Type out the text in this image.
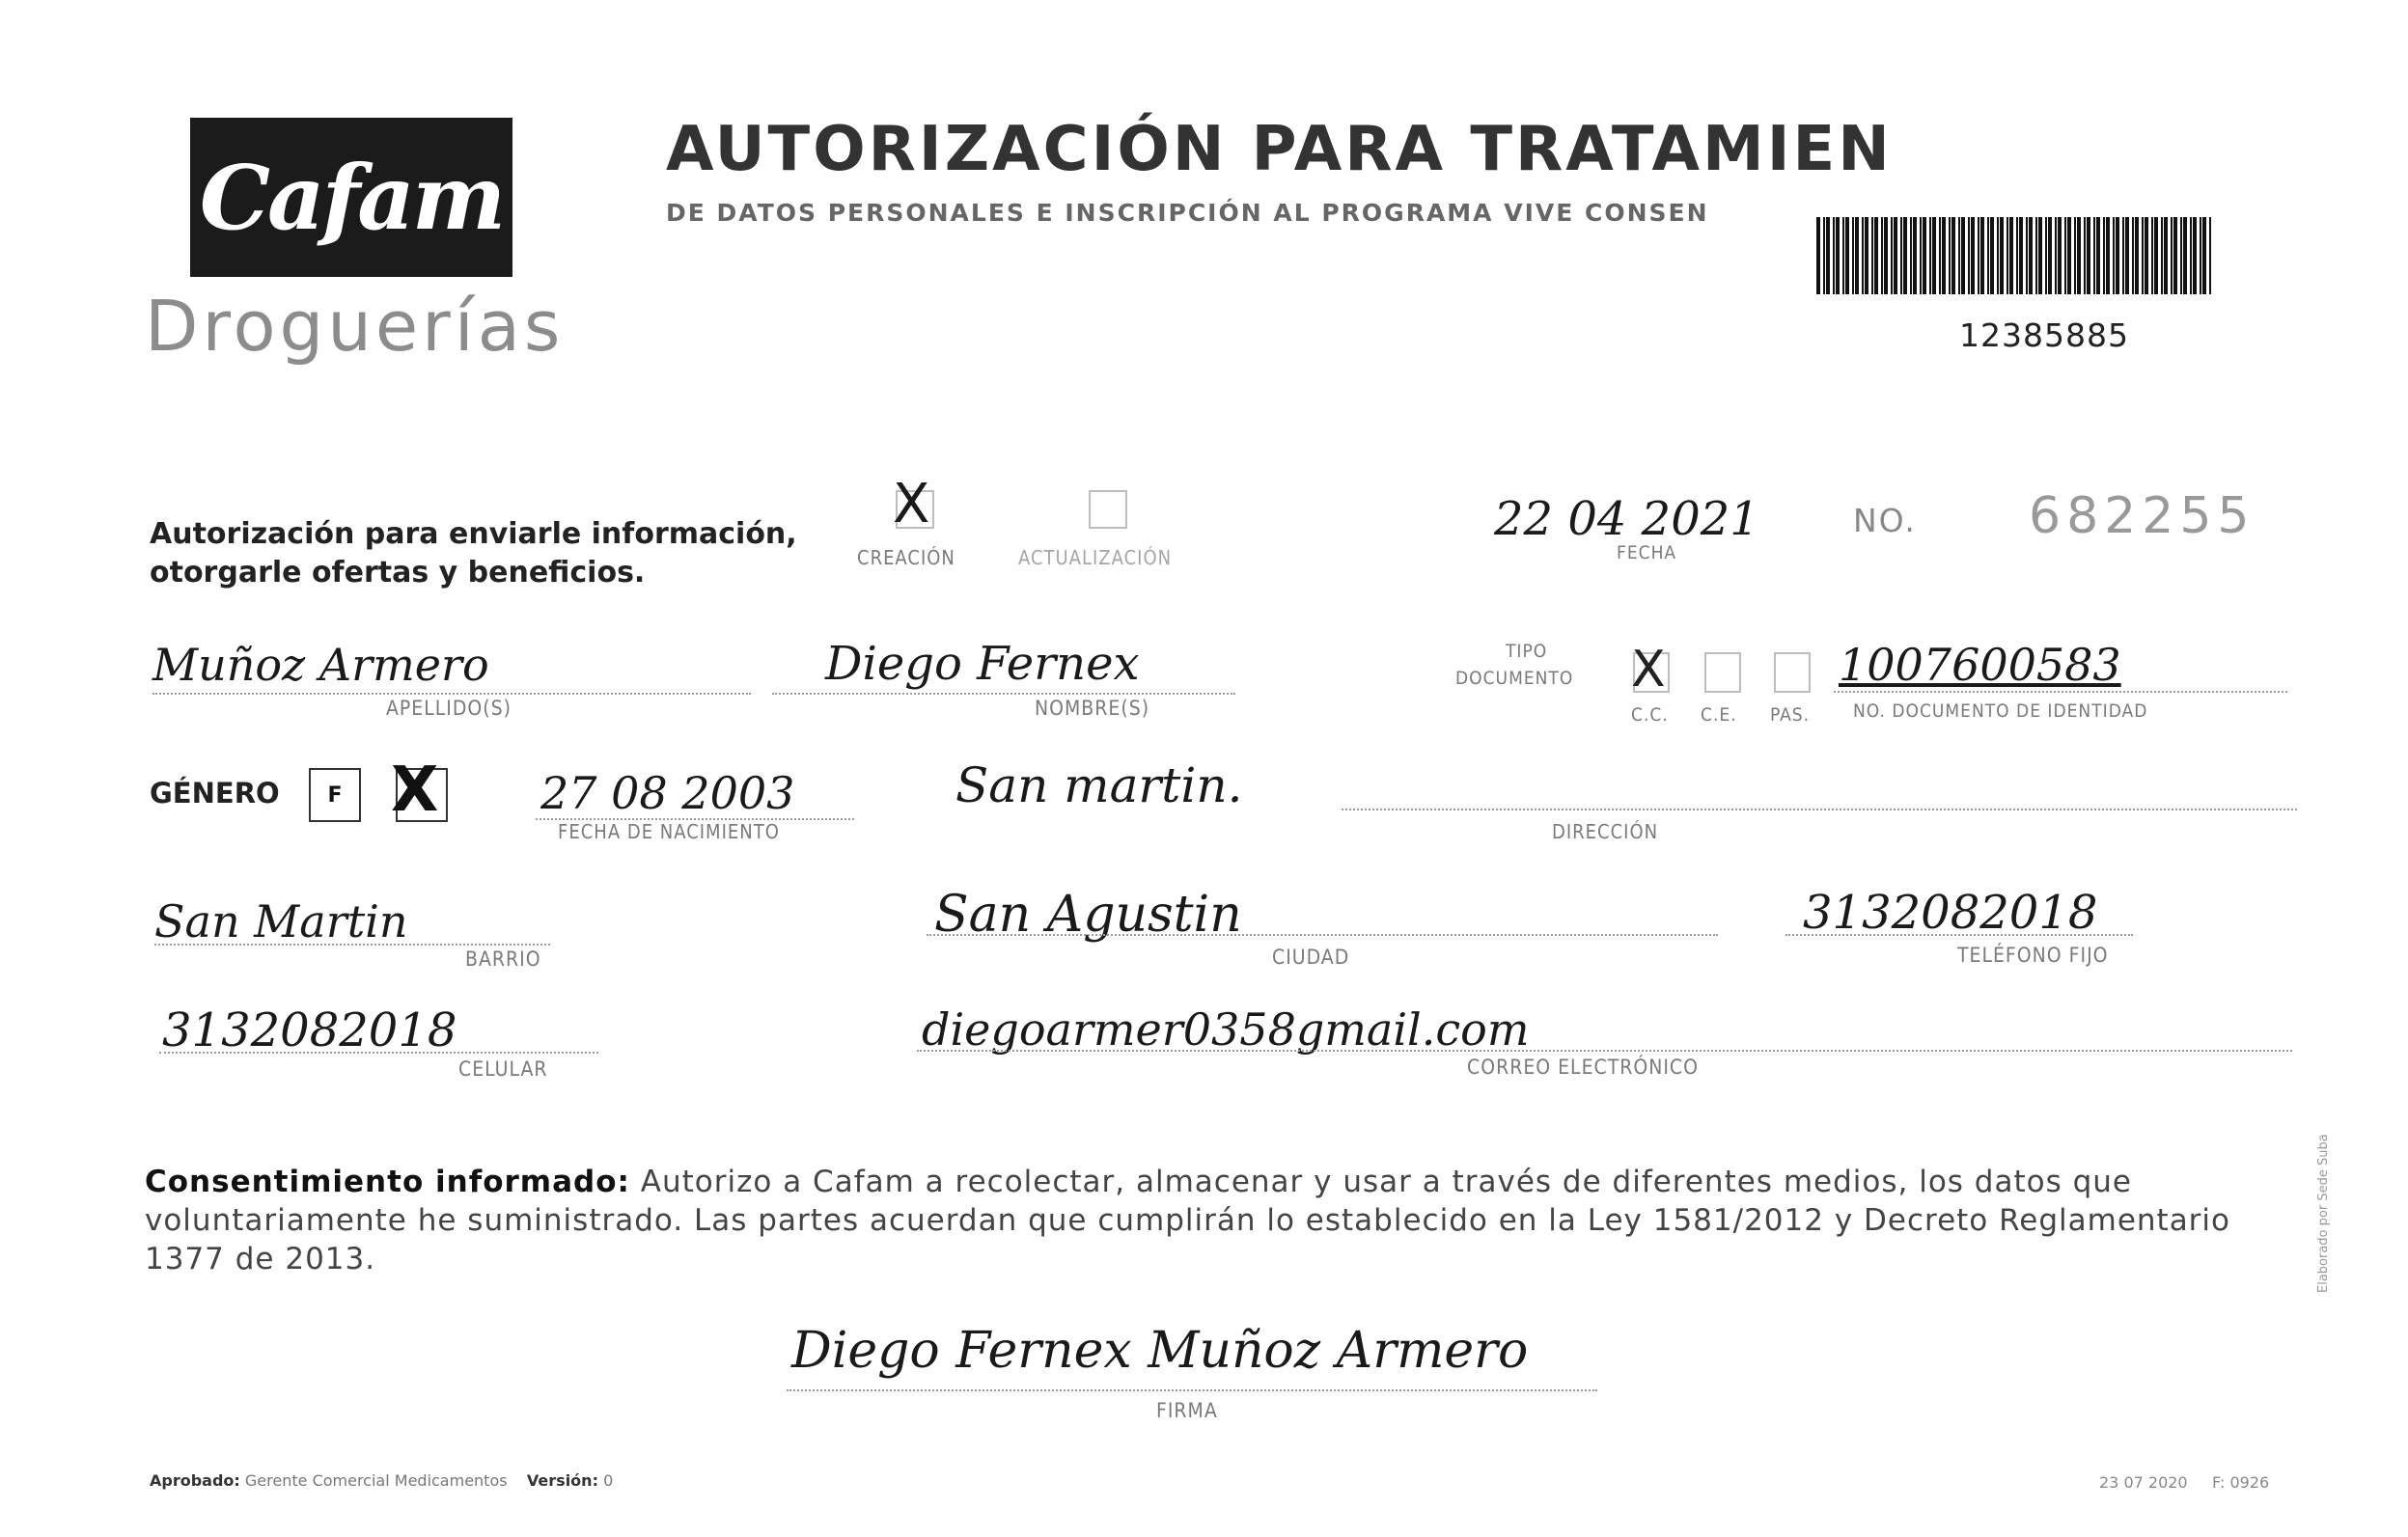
Cafam
Droguerías
AUTORIZACIÓN PARA TRATAMIEN
DE DATOS PERSONALES E INSCRIPCIÓN AL PROGRAMA VIVE CONSEN
12385885
Autorización para enviarle información,
otorgarle ofertas y beneficios.
X
CREACIÓN	ACTUALIZACIÓN
22 04 2021
FECHA
NO. 682255
Muñoz Armero
APELLIDO(S)
Diego Fernex
NOMBRE(S)
TIPO
DOCUMENTO X
C.C. C.E. PAS.
1007600583
NO. DOCUMENTO DE IDENTIDAD
GÉNERO F X 27 08 2003
FECHA DE NACIMIENTO
San martin.
DIRECCIÓN
San Martin
BARRIO
San Agustin
CIUDAD
3132082018
TELÉFONO FIJO
3132082018
CELULAR
diegoarmer0358gmail.com
CORREO ELECTRÓNICO
Consentimiento informado: Autorizo a Cafam a recolectar, almacenar y usar a través de diferentes medios, los datos que voluntariamente he suministrado. Las partes acuerdan que cumplirán lo establecido en la Ley 1581/2012 y Decreto Reglamentario 1377 de 2013.
Diego Fernex Muñoz Armero
FIRMA
Aprobado: Gerente Comercial Medicamentos Versión: 0	23 07 2020 F: 0926
Elaborado por Sede Suba
